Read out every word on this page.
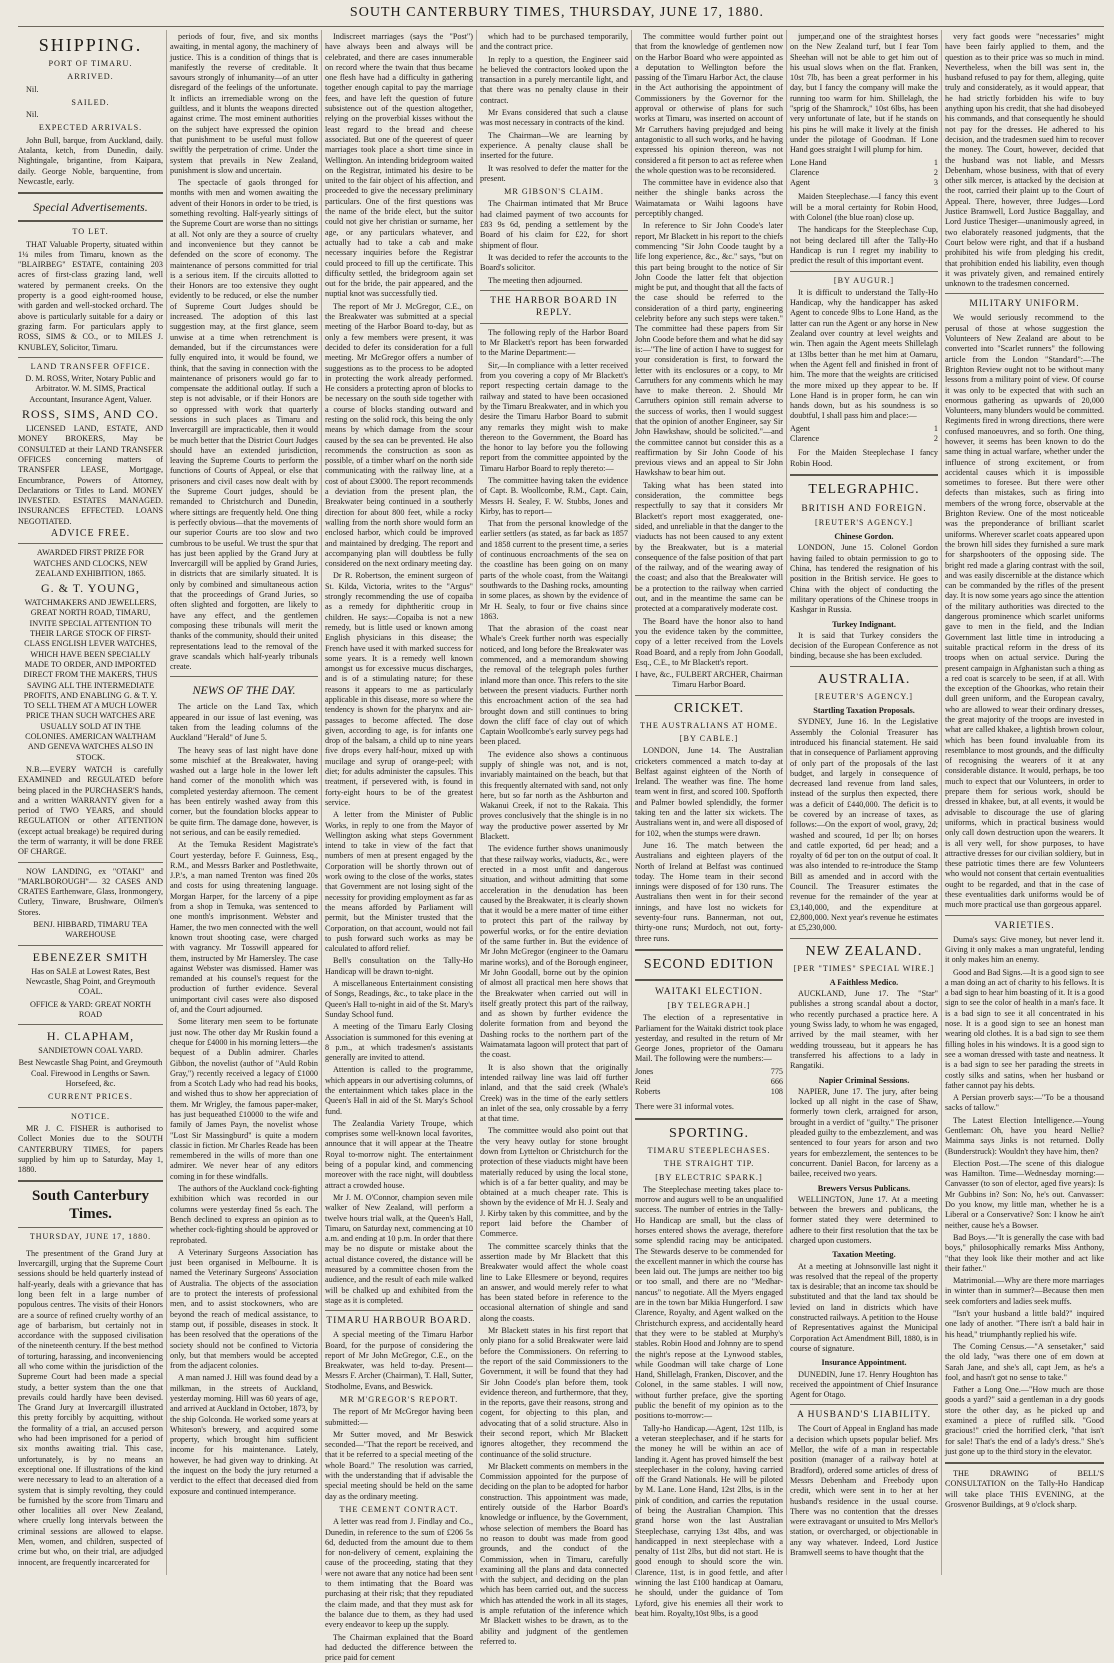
SOUTH CANTERBURY TIMES, THURSDAY, JUNE 17, 1880.
SHIPPING.
PORT OF TIMARU.
ARRIVED.

Nil.

SAILED.

Nil.

EXPECTED ARRIVALS.

John Bull, barque, from Auckland, daily. Atalanta, ketch, from Dunedin, daily. Nightingale, brigantine, from Kaipara, daily. George Noble, barquentine, from Newcastle, early.

Special Advertisements.
TO LET.

THAT Valuable Property, situated within 1¼ miles from Timaru, known as the "BLAIRBEG" ESTATE, containing 203 acres of first-class grazing land, well watered by permanent creeks. On the property is a good eight-roomed house, with garden and well-stocked orchard. The above is particularly suitable for a dairy or grazing farm. For particulars apply to ROSS, SIMS & CO., or to MILES J. KNUBLEY, Solicitor, Timaru.

LAND TRANSFER OFFICE.

D. M. ROSS, Writer, Notary Public and Arbitrator. W. M. SIMS, Practical Accountant, Insurance Agent, Valuer.

ROSS, SIMS, AND CO.

LICENSED LAND, ESTATE, AND MONEY BROKERS, May be CONSULTED at their LAND TRANSFER OFFICES concerning matters of TRANSFER LEASE, Mortgage, Encumbrance, Powers of Attorney, Declarations or Titles to Land. MONEY INVESTED. ESTATES MANAGED. INSURANCES EFFECTED. LOANS NEGOTIATED.

ADVICE FREE.

AWARDED FIRST PRIZE FOR WATCHES AND CLOCKS, NEW ZEALAND EXHIBITION, 1865.

G. & T. YOUNG,

WATCHMAKERS AND JEWELLERS, GREAT NORTH ROAD, TIMARU, INVITE SPECIAL ATTENTION TO THEIR LARGE STOCK OF FIRST-CLASS ENGLISH LEVER WATCHES, WHICH HAVE BEEN SPECIALLY MADE TO ORDER, AND IMPORTED DIRECT FROM THE MAKERS, THUS SAVING ALL THE INTERMEDIATE PROFITS, AND ENABLING G. & T. Y. TO SELL THEM AT A MUCH LOWER PRICE THAN SUCH WATCHES ARE USUALLY SOLD AT IN THE COLONIES. AMERICAN WALTHAM AND GENEVA WATCHES ALSO IN STOCK.

N.B.—EVERY WATCH is carefully EXAMINED and REGULATED before being placed in the PURCHASER'S hands, and a written WARRANTY given for a period of TWO YEARS, and should REGULATION or other ATTENTION (except actual breakage) be required during the term of warranty, it will be done FREE OF CHARGE.

NOW LANDING, ex "OTAKI" and "MARLBOROUGH"— 32 CASES AND CRATES Earthenware, Glass, Ironmongery, Cutlery, Tinware, Brushware, Oilmen's Stores.

BENJ. HIBBARD, TIMARU TEA WAREHOUSE
EBENEZER SMITH

Has on SALE at Lowest Rates, Best Newcastle, Shag Point, and Greymouth COAL.

OFFICE & YARD: GREAT NORTH ROAD
H. CLAPHAM,
SANDIETOWN COAL YARD.

Best Newcastle Shag Point, and Greymouth Coal. Firewood in Lengths or Sawn. Horsefeed, &c.

CURRENT PRICES.
NOTICE.

MR J. C. FISHER is authorised to Collect Monies due to the SOUTH CANTERBURY TIMES, for papers supplied by him up to Saturday, May 1, 1880.

South Canterbury Times.
THURSDAY, JUNE 17, 1880.

The presentment of the Grand Jury at Invercargill, urging that the Supreme Court sessions should be held quarterly instead of half-yearly, deals with a grievance that has long been felt in a large number of populous centres. The visits of their Honors are a source of refined cruelty worthy of an age of barbarism, but certainly not in accordance with the supposed civilisation of the nineteenth century. If the best method of torturing, harassing, and inconveniencing all who come within the jurisdiction of the Supreme Court had been made a special study, a better system than the one that prevails could hardly have been devised. The Grand Jury at Invercargill illustrated this pretty forcibly by acquitting, without the formality of a trial, an accused person who had been imprisoned for a period of six months awaiting trial. This case, unfortunately, is by no means an exceptional one. If illustrations of the kind were necessary to lead to an alteration of a system that is simply revolting, they could be furnished by the score from Timaru and other localities all over New Zealand, where cruelly long intervals between the criminal sessions are allowed to elapse. Men, women, and children, suspected of crime but who, on their trial, are adjudged innocent, are frequently incarcerated for

periods of four, five, and six months awaiting, in mental agony, the machinery of justice. This is a condition of things that is manifestly the reverse of creditable. It savours strongly of inhumanity—of an utter disregard of the feelings of the unfortunate. It inflicts an irremediable wrong on the guiltless, and it blunts the weapons directed against crime. The most eminent authorities on the subject have expressed the opinion that punishment to be useful must follow swiftly the perpetration of crime. Under the system that prevails in New Zealand, punishment is slow and uncertain.

The spectacle of gaols thronged for months with men and women awaiting the advent of their Honors in order to be tried, is something revolting. Half-yearly sittings of the Supreme Court are worse than no sittings at all. Not only are they a source of cruelty and inconvenience but they cannot be defended on the score of economy. The maintenance of persons committed for trial is a serious item. If the circuits allotted to their Honors are too extensive they ought evidently to be reduced, or else the number of Supreme Court Judges should be increased. The adoption of this last suggestion may, at the first glance, seem unwise at a time when retrenchment is demanded, but if the circumstances were fully enquired into, it would be found, we think, that the saving in connection with the maintenance of prisoners would go far to compensate the additional outlay. If such a step is not advisable, or if their Honors are so oppressed with work that quarterly sessions in such places as Timaru and Invercargill are impracticable, then it would be much better that the District Court Judges should have an extended jurisdiction, leaving the Supreme Courts to perform the functions of Courts of Appeal, or else that prisoners and civil cases now dealt with by the Supreme Court judges, should be remanded to Christchurch and Dunedin, where sittings are frequently held. One thing is perfectly obvious—that the movements of our superior Courts are too slow and two cumbrous to be useful. We trust the spur that has just been applied by the Grand Jury at Invercargill will be applied by Grand Juries, in districts that are similarly situated. It is only by combined and simultaneous action that the proceedings of Grand Juries, so often slighted and forgotten, are likely to have any effect, and the gentlemen composing these tribunals will merit the thanks of the community, should their united representations lead to the removal of the grave scandals which half-yearly tribunals create.

NEWS OF THE DAY.

The article on the Land Tax, which appeared in our issue of last evening, was taken from the leading columns of the Auckland "Herald" of June 5.

The heavy seas of last night have done some mischief at the Breakwater, having washed out a large hole in the lower left hand corner of the monolith which was completed yesterday afternoon. The cement has been entirely washed away from this corner, but the foundation blocks appear to be quite firm. The damage done, however, is not serious, and can be easily remedied.

At the Temuka Resident Magistrate's Court yesterday, before F. Guinness, Esq., R.M., and Messrs Barker and Postlethwaite, J.P.'s, a man named Trenton was fined 20s and costs for using threatening language. Morgan Harper, for the larceny of a pipe from a shop in Temuka, was sentenced to one month's imprisonment. Webster and Hamer, the two men connected with the well known trout shooting case, were charged with vagrancy. Mr Tosswill appeared for them, instructed by Mr Hamersley. The case against Webster was dismissed. Hamer was remanded at his counsel's request for the production of further evidence. Several unimportant civil cases were also disposed of, and the Court adjourned.

Some literary men seem to be fortunate just now. The other day Mr Ruskin found a cheque for £4000 in his morning letters—the bequest of a Dublin admirer. Charles Gibbon, the novelist (author of "Auld Robin Gray,") recently received a legacy of £1000 from a Scotch Lady who had read his books, and wished thus to show her appreciation of them. Mr Wrigley, the famous paper-maker, has just bequeathed £10000 to the wife and family of James Payn, the novelist whose "Lost Sir Massingburd" is quite a modern classic in fiction. Mr Charles Reade has been remembered in the wills of more than one admirer. We never hear of any editors coming in for these windfalls.

The authors of the Auckland cock-fighting exhibition which was recorded in our columns were yesterday fined 5s each. The Bench declined to express an opinion as to whether cock-fighting should be approved or reprobated.

A Veterinary Surgeons Association has just been organised in Melbourne. It is named the Veterinary Surgeons' Association of Australia. The objects of the association are to protect the interests of professional men, and to assist stockowners, who are beyond the reach of medical assistance, to stamp out, if possible, diseases in stock. It has been resolved that the operations of the society should not be confined to Victoria only, but that members would be accepted from the adjacent colonies.

A man named J. Hill was found dead by a milkman, in the streets of Auckland, yesterday morning. Hill was 60 years of age, and arrived at Auckland in October, 1873, by the ship Golconda. He worked some years at Whiteson's brewery, and acquired some property, which brought him sufficient income for his maintenance. Lately, however, he had given way to drinking. At the inquest on the body the jury returned a verdict to the effect that deceased died from exposure and continued intemperance.

Indiscreet marriages (says the "Post") have always been and always will be celebrated, and there are cases innumerable on record where the twain that thus became one flesh have had a difficulty in gathering together enough capital to pay the marriage fees, and have left the question of future subsistence out of the question altogether, relying on the proverbial kisses without the least regard to the bread and cheese associated. But one of the queerest of queer marriages took place a short time since in Wellington. An intending bridegroom waited on the Registrar, intimated his desire to be united to the fair object of his affection, and proceeded to give the necessary preliminary particulars. One of the first questions was the name of the bride elect, but the suitor could not give her christian or surname, her age, or any particulars whatever, and actually had to take a cab and make necessary inquiries before the Registrar could proceed to fill up the certificate. This difficulty settled, the bridegroom again set out for the bride, the pair appeared, and the nuptial knot was successfully tied.

The report of Mr J. McGregor, C.E., on the Breakwater was submitted at a special meeting of the Harbor Board to-day, but as only a few members were present, it was decided to defer its consideration for a full meeting. Mr McGregor offers a number of suggestions as to the process to be adopted in protecting the work already performed. He considers a protecting apron of blocks to be necessary on the south side together with a course of blocks standing outward and resting on the solid rock, this being the only means by which damage from the scour caused by the sea can be prevented. He also recommends the construction as soon as possible, of a timber wharf on the north side communicating with the railway line, at a cost of about £3000. The report recommends a deviation from the present plan, the Breakwater being continued in a southerly direction for about 800 feet, while a rocky walling from the north shore would form an enclosed harbor, which could be improved and maintained by dredging. The report and accompanying plan will doubtless be fully considered on the next ordinary meeting day.

Dr R. Robertson, the eminent surgeon of St. Kilda, Victoria, writes to the "Argus" strongly recommending the use of copaiba as a remedy for diphtheritic croup in children. He says:—Copaiba is not a new remedy, but is little used or known among English physicians in this disease; the French have used it with marked success for some years. It is a remedy well known amongst us for excessive mucus discharges, and is of a stimulating nature; for these reasons it appears to me as particularly applicable in this disease, more so where the tendency is shown for the pharynx and air-passages to become affected. The dose given, according to age, is for infants one drop of the balsam, a child up to nine years five drops every half-hour, mixed up with mucilage and syrup of orange-peel; with diet; for adults administer the capsules. This treatment, if persevered with, is found in forty-eight hours to be of the greatest service.

A letter from the Minister of Public Works, in reply to one from the Mayor of Wellington asking what steps Government intend to take in view of the fact that numbers of men at present engaged by the Corporation will be shortly thrown out of work owing to the close of the works, states that Government are not losing sight of the necessity for providing employment as far as the means afforded by Parliament will permit, but the Minister trusted that the Corporation, on that account, would not fail to push forward such works as may be calculated to afford relief.

Bell's consultation on the Tally-Ho Handicap will be drawn to-night.

A miscellaneous Entertainment consisting of Songs, Readings, &c., to take place in the Queen's Hall to-night in aid of the St. Mary's Sunday School fund.

A meeting of the Timaru Early Closing Association is summoned for this evening at 8 p.m., at which tradesmen's assistants generally are invited to attend.

Attention is called to the programme, which appears in our advertising columns, of the entertainment which takes place in the Queen's Hall in aid of the St. Mary's School fund.

The Zealandia Variety Troupe, which comprises some well-known local favorites, announce that it will appear at the Theatre Royal to-morrow night. The entertainment being of a popular kind, and commencing moreover with the race night, will doubtless attract a crowded house.

Mr J. M. O'Connor, champion seven mile walker of New Zealand, will perform a twelve hours trial walk, at the Queen's Hall, Timaru, on Saturday next, commencing at 10 a.m. and ending at 10 p.m. In order that there may be no dispute or mistake about the actual distance covered, the distance will be measured by a committee chosen from the audience, and the result of each mile walked will be chalked up and exhibited from the stage as it is completed.

TIMARU HARBOUR BOARD.

A special meeting of the Timaru Harbor Board, for the purpose of considering the report of Mr John McGregor, C.E., on the Breakwater, was held to-day. Present—Messrs F. Archer (Chairman), T. Hall, Sutter, Stodholme, Evans, and Beswick.

MR M'GREGOR'S REPORT.

The report of Mr McGregor having been submitted:—

Mr Sutter moved, and Mr Beswick seconded—"That the report be received, and that it be referred to a special meeting of the whole Board." The resolution was carried, with the understanding that if advisable the special meeting should be held on the same day as the ordinary meeting.

THE CEMENT CONTRACT.

A letter was read from J. Findlay and Co., Dunedin, in reference to the sum of £206 5s 6d, deducted from the amount due to them for non-delivery of cement, explaining the cause of the proceeding, stating that they were not aware that any notice had been sent to them intimating that the Board was purchasing at their risk; that they repudiated the claim made, and that they must ask for the balance due to them, as they had used every endeavor to keep up the supply.

The Chairman explained that the Board had deducted the difference between the price paid for cement

which had to be purchased temporarily, and the contract price.

In reply to a question, the Engineer said he believed the contractors looked upon the transaction in a purely mercantile light, and that there was no penalty clause in their contract.

Mr Evans considered that such a clause was most necessary in contracts of the kind.

The Chairman—We are learning by experience. A penalty clause shall be inserted for the future.

It was resolved to defer the matter for the present.

MR GIBSON'S CLAIM.

The Chairman intimated that Mr Bruce had claimed payment of two accounts for £83 9s 6d, pending a settlement by the Board of his claim for £22, for short shipment of flour.

It was decided to refer the accounts to the Board's solicitor.

The meeting then adjourned.

THE HARBOR BOARD IN REPLY.

The following reply of the Harbor Board to Mr Blackett's report has been forwarded to the Marine Department:—

Sir,—In compliance with a letter received from you covering a copy of Mr Blackett's report respecting certain damage to the railway and stated to have been occasioned by the Timaru Breakwater, and in which you desire the Timaru Harbor Board to submit any remarks they might wish to make thereon to the Government, the Board has the honor to lay before you the following report from the committee appointed by the Timaru Harbor Board to reply thereto:—

The committee having taken the evidence of Capt. B. Woollcombe, R.M., Capt. Cain, Messrs H. Sealey, F. W. Stubbs, Jones and Kirby, has to report—

That from the personal knowledge of the earlier settlers (as stated, as far back as 1857 and 1858 current to the present time, a series of continuous encroachments of the sea on the coastline has been going on on many parts of the whole coast, from the Waitangi southwards to the Dashing rocks, amounting in some places, as shown by the evidence of Mr H. Sealy, to four or five chains since 1863.

That the abrasion of the coast near Whale's Creek further north was especially noticed, and long before the Breakwater was commenced, and a memorandum showing the removal of the telegraph poles further inland more than once. This refers to the site between the present viaducts. Further north this encroachment action of the sea had brought down and still continues to bring down the cliff face of clay out of which Captain Woollcombe's early survey pegs had been placed.

The evidence also shows a continuous supply of shingle was not, and is not, invariably maintained on the beach, but that this frequently alternated with sand, not only here, but so far north as the Ashburton and Wakanui Creek, if not to the Rakaia. This proves conclusively that the shingle is in no way the productive power asserted by Mr Blackett.

The evidence further shows unanimously that these railway works, viaducts, &c., were erected in a most unfit and dangerous situation, and without admitting that some acceleration in the denudation has been caused by the Breakwater, it is clearly shown that it would be a mere matter of time either to protect this part of the railway by powerful works, or for the entire deviation of the same further in. But the evidence of Mr John McGregor (engineer to the Oamaru marine works), and of the Borough engineer, Mr John Goodall, borne out by the opinion of almost all practical men here shows that the Breakwater when carried out will in itself greatly protect this part of the railway, and as shown by further evidence the dolerite formation from and beyond the Dashing rocks to the northern part of the Waimatamata lagoon will protect that part of the coast.

It is also shown that the originally intended railway line was laid off further inland, and that the said creek (Whale's Creek) was in the time of the early settlers an inlet of the sea, only crossable by a ferry at that time.

The committee would also point out that the very heavy outlay for stone brought down from Lyttelton or Christchurch for the protection of these viaducts might have been materially reduced by using the local stone, which is of a far better quality, and may be obtained at a much cheaper rate. This is shown by the evidence of Mr H. J. Sealy and J. Kirby taken by this committee, and by the report laid before the Chamber of Commerce.

The committee scarcely thinks that the assertion made by Mr Blackett that this Breakwater would affect the whole coast line to Lake Ellesmere or beyond, requires an answer, and would merely refer to what has been stated before in reference to the occasional alternation of shingle and sand along the coasts.

Mr Blackett states in his first report that only piano for a solid Breakwater were laid before the Commissioners. On referring to the report of the said Commissioners to the Government, it will be found that they had Sir John Coode's plan before them, took evidence thereon, and furthermore, that they, in the reports, gave their reasons, strong and cogent, for objecting to this plan, and advocating that of a solid structure. Also in their second report, which Mr Blackett ignores altogether, they recommend the continuance of the solid structure.

Mr Blackett comments on members in the Commission appointed for the purpose of deciding on the plan to be adopted for harbor construction. This appointment was made, entirely outside of the Harbor Board's knowledge or influence, by the Government, whose selection of members the Board has no reason to doubt was made from good grounds, and the conduct of the Commission, when in Timaru, carefully examining all the plans and data connected with the subject, and deciding on the plan which has been carried out, and the success which has attended the work in all its stages, is ample refutation of the inference which Mr Blackett wishes to be drawn, as to the ability and judgment of the gentlemen referred to.

The committee would further point out that from the knowledge of gentlemen now on the Harbor Board who were appointed as a deputation to Wellington before the passing of the Timaru Harbor Act, the clause in the Act authorising the appointment of Commissioners by the Governor for the approval or otherwise of plans for such works at Timaru, was inserted on account of Mr Carruthers having prejudged and being antagonistic to all such works, and he having expressed his opinion thereon, was not considered a fit person to act as referee when the whole question was to be reconsidered.

The committee have in evidence also that neither the shingle banks across the Waimatamata or Waihi lagoons have perceptibly changed.

In reference to Sir John Coode's later report, Mr Blackett in his report to the chiefs commencing "Sir John Coode taught by a life long experience, &c., &c." says, "but on this part being brought to the notice of Sir John Coode the latter felt that objection might be put, and thought that all the facts of the case should be referred to the consideration of a third party, engineering celebrity before any such steps were taken." The committee had these papers from Sir John Coode before them and what he did say is:—"The line of action I have to suggest for your consideration is first, to forward the letter with its enclosures or a copy, to Mr Carruthers for any comments which he may have to make thereon. 2. Should Mr Carruthers opinion still remain adverse to the success of works, then I would suggest that the opinion of another Engineer, say Sir John Hawkshaw, should be solicited."—and the committee cannot but consider this as a reaffirmation by Sir John Coode of his previous views and an appeal to Sir John Hawkshaw to bear him out.

Taking what has been stated into consideration, the committee begs respectfully to say that it considers Mr Blackett's report most exaggerated, one-sided, and unreliable in that the danger to the viaducts has not been caused to any extent by the Breakwater, but is a material consequence of the false position of that part of the railway, and of the wearing away of the coast; and also that the Breakwater will be a protection to the railway when carried out, and in the meantime the same can be protected at a comparatively moderate cost.

The Board have the honor also to hand you the evidence taken by the committee, copy of a letter received from the Lovels Road Board, and a reply from John Goodall, Esq., C.E., to Mr Blackett's report.

I have, &c., FULBERT ARCHER, Chairman Timaru Harbor Board.

CRICKET.
THE AUSTRALIANS AT HOME.
[BY CABLE.]

LONDON, June 14. The Australian cricketers commenced a match to-day at Belfast against eighteen of the North of Ireland. The weather was fine. The home team went in first, and scored 100. Spofforth and Palmer bowled splendidly, the former taking ten and the latter six wickets. The Australians went in, and were all disposed of for 102, when the stumps were drawn.

June 16. The match between the Australians and eighteen players of the North of Ireland at Belfast was continued today. The Home team in their second innings were disposed of for 130 runs. The Australians then went in for their second innings, and have lost no wickets for seventy-four runs. Bannerman, not out, thirty-one runs; Murdoch, not out, forty-three runs.

SECOND EDITION
WAITAKI ELECTION.
[BY TELEGRAPH.]

The election of a representative in Parliament for the Waitaki district took place yesterday, and resulted in the return of Mr George Jones, proprietor of the Oamaru Mail. The following were the numbers:—

Jones	775
Reid	666
Roberts	108

There were 31 informal votes.

SPORTING.
TIMARU STEEPLECHASES.
THE STRAIGHT TIP.
[BY ELECTRIC SPARK.]

The Steeplechase meeting takes place to-morrow and augurs well to be an unqualified success. The number of entries in the Tally-Ho Handicap are small, but the class of horses entered shows the average, therefore some splendid racing may be anticipated. The Stewards deserve to be commended for the excellent manner in which the course has been laid out. The jumps are neither too big or too small, and there are no "Medhar-nancus" to negotiate. All the Myers engaged are in the town bar Mikia Hungerford. I saw Clarence, Royalty, and Agent walked on the Christchurch express, and accidentally heard that they were to be stabled at Murphy's stables. Robin Hood and Johnny are to spend the night's repose at the Lynwood stables, while Goodman will take charge of Lone Hand, Shillelagh, Franken, Discover, and the Colonel, in the same stables. I will now, without further preface, give the sporting public the benefit of my opinion as to the positions to-morrow:—

Tally-ho Handicap.—Agent, 12st 11lb, is a veteran steeplechaser, and if he starts for the money he will be within an ace of landing it. Agent has proved himself the best steeplechaser in the colony, having carried off the Grand Nationals. He will be piloted by M. Lane. Lone Hand, 12st 2lbs, is in the pink of condition, and carries the reputation of being the Australian Champion. This grand horse won the last Australian Steeplechase, carrying 13st 4lbs, and was handicapped in next steeplechase with a penalty of 11st 2lbs, but did not start. He is good enough to should score the win. Clarence, 11st, is in good fettle, and after winning the last £100 handicap at Oamaru, he should, under the guidance of Tom Lyford, give his enemies all their work to beat him. Royalty,10st 9lbs, is a good

jumper,and one of the straightest horses on the New Zealand turf, but I fear Tom Sheehan will not be able to get him out of his usual slows when on the flat. Franken, 10st 7lb, has been a great performer in his day, but I fancy the company will make the running too warm for him. Shillelagh, the "sprig of the Shamrock," 10st 6lbs, has been very unfortunate of late, but if he stands on his pins he will make it lively at the finish under the pilotage of Goodman. If Lone Hand goes straight I will plump for him.

Lone Hand	1
Clarence	2
Agent	3

Maiden Steeplechase.—I fancy this event will be a moral certainty for Robin Hood, with Colonel (the blue roan) close up.

The handicaps for the Steeplechase Cup, not being declared till after the Tally-Ho Handicap is run I regret my inability to predict the result of this important event.

[BY AUGUR.]

It is difficult to understand the Tally-Ho Handicap, why the handicapper has asked Agent to concede 9lbs to Lone Hand, as the latter can run the Agent or any horse in New Zealand over country at level weights and win. Then again the Agent meets Shillelagh at 13lbs better than he met him at Oamaru, when the Agent fell and finished in front of him. The more that the weights are criticised the more mixed up they appear to be. If Lone Hand is in proper form, he can win hands down, but as his soundness is so doubtful, I shall pass him and place:—

Agent	1
Clarence	2

For the Maiden Steeplechase I fancy Robin Hood.

TELEGRAPHIC.
BRITISH AND FOREIGN.
[REUTER'S AGENCY.]
Chinese Gordon.

LONDON, June 15. Colonel Gordon having failed to obtain permission to go to China, has tendered the resignation of his position in the British service. He goes to China with the object of conducting the military operations of the Chinese troops in Kashgar in Russia.

Turkey Indignant.

It is said that Turkey considers the decision of the European Conference as not binding, because she has been excluded.

AUSTRALIA.
[REUTER'S AGENCY.]
Startling Taxation Proposals.

SYDNEY, June 16. In the Legislative Assembly the Colonial Treasurer has introduced his financial statement. He said that in consequence of Parliament approving of only part of the proposals of the last budget, and largely in consequence of decreased land revenue from land sales, instead of the surplus then expected, there was a deficit of £440,000. The deficit is to be covered by an increase of taxes, as follows:—On the export of wool, gravy, 2d; washed and scoured, 1d per lb; on horses and cattle exported, 6d per head; and a royalty of 6d per ton on the output of coal. It was also intended to re-introduce the Stamp Bill as amended and in accord with the Council. The Treasurer estimates the revenue for the remainder of the year at £3,140,000, and the expenditure at £2,800,000. Next year's revenue he estimates at £5,230,000.

NEW ZEALAND.
[PER "TIMES" SPECIAL WIRE.]
A Faithless Medico.

AUCKLAND, June 17. The "Star" publishes a strong scandal about a doctor, who recently purchased a practice here. A young Swiss lady, to whom he was engaged, arrived by the mail steamer, with her wedding trousseau, but it appears he has transferred his affections to a lady in Rangatiki.

Napier Criminal Sessions.

NAPIER, June 17. The jury, after being locked up all night in the case of Shaw, formerly town clerk, arraigned for arson, brought in a verdict of "guilty." The prisoner pleaded guilty to the embezzlement, and was sentenced to four years for arson and two years for embezzlement, the sentences to be concurrent. Daniel Bacon, for larceny as a bailee, received two years.

Brewers Versus Publicans.

WELLINGTON, June 17. At a meeting between the brewers and publicans, the former stated they were determined to adhere to their first resolution that the tax be charged upon customers.

Taxation Meeting.

At a meeting at Johnsonville last night it was resolved that the repeal of the property tax is desirable; that an income tax should be substituted and that the land tax should be levied on land in districts which have constructed railways. A petition to the House of Representatives against the Municipal Corporation Act Amendment Bill, 1880, is in course of signature.

Insurance Appointment.

DUNEDIN, June 17. Henry Houghton has received the appointment of Chief Insurance Agent for Otago.

A HUSBAND'S LIABILITY.

The Court of Appeal in England has made a decision which upsets popular belief. Mrs Mellor, the wife of a man in respectable position (manager of a railway hotel at Bradford), ordered some articles of dress of Messrs Debenham and Freebody upon credit, which were sent in to her at her husband's residence in the usual course. There was no contention that the dresses were extravagant or unsuited to Mrs Mellor's station, or overcharged, or objectionable in any way whatever. Indeed, Lord Justice Bramwell seems to have thought that the

very fact goods were "necessaries" might have been fairly applied to them, and the question as to their price was so much in mind. Nevertheless, when the bill was sent in, the husband refused to pay for them, alleging, quite truly and considerately, as it would appear, that he had strictly forbidden his wife to buy anything upon his credit, that she had disobeyed his commands, and that consequently he should not pay for the dresses. He adhered to his decision, and the tradesmen sued him to recover the money. The Court, however, decided that the husband was not liable, and Messrs Debenham, whose business, with that of every other silk mercer, is attacked by the decision at the root, carried their plaint up to the Court of Appeal. There, however, three Judges—Lord Justice Bramwell, Lord Justice Baggallay, and Lord Justice Thesiger—unanimously agreed, in two elaborately reasoned judgments, that the Court below were right, and that if a husband prohibited his wife from pledging his credit, that prohibition ended his liability, even though it was privately given, and remained entirely unknown to the tradesmen concerned.

MILITARY UNIFORM.

We would seriously recommend to the perusal of those at whose suggestion the Volunteers of New Zealand are about to be converted into "Scarlet runners" the following article from the London "Standard":—The Brighton Review ought not to be without many lessons from a military point of view. Of course it was only to be expected that with such an enormous gathering as upwards of 20,000 Volunteers, many blunders would be committed. Regiments fired in wrong directions, there were confused manoeuvres, and so forth. One thing, however, it seems has been known to do the same thing in actual warfare, whether under the influence of strong excitement, or from accidental causes which it is impossible sometimes to foresee. But there were other defects than mistakes, such as firing into members of the wrong force, observable at the Brighton Review. One of the most noticeable was the preponderance of brilliant scarlet uniforms. Wherever scarlet coats appeared upon the brown hill sides they furnished a sure mark for sharpshooters of the opposing side. The bright red made a glaring contrast with the soil, and was easily discernible at the distance which can be commanded by the rifles of the present day. It is now some years ago since the attention of the military authorities was directed to the dangerous prominence which scarlet uniforms gave to men in the field, and the Indian Government last little time in introducing a suitable practical reform in the dress of its troops when on actual service. During the present campaign in Afghanistan such a thing as a red coat is scarcely to be seen, if at all. With the exception of the Ghoorkas, who retain their dull green uniform, and the European cavalry, who are allowed to wear their ordinary dresses, the great majority of the troops are invested in what are called khakee, a lightish brown colour, which has been found invaluable from its resemblance to most grounds, and the difficulty of recognising the wearers of it at any considerable distance. It would, perhaps, be too much to expect that our Volunteers, in order to prepare them for serious work, should be dressed in khakee, but, at all events, it would be advisable to discourage the use of glaring uniforms, which in practical business would only call down destruction upon the wearers. It is all very well, for show purposes, to have attractive dresses for our civilian soldiery, but in these patriotic times there are few Volunteers who would not consent that certain eventualities ought to be regarded, and that in the case of these eventualities dark uniforms would be of much more practical use than gorgeous apparel.

VARIETIES.

Duma's says: Give money, but never lend it. Giving it only makes a man ungrateful, lending it only makes him an enemy.

Good and Bad Signs.—It is a good sign to see a man doing an act of charity to his fellows. It is a bad sign to hear him boasting of it. It is a good sign to see the color of health in a man's face. It is a bad sign to see it all concentrated in his nose. It is a good sign to see an honest man wearing old clothes. It is a bad sign to see them filling holes in his windows. It is a good sign to see a woman dressed with taste and neatness. It is a bad sign to see her parading the streets in costly silks and satins, when her husband or father cannot pay his debts.

A Persian proverb says:—"To be a thousand sacks of tallow."

The Latest Election Intelligence.—Young Gentleman: Oh, have you heard Nellie? Maimma says Jinks is not returned. Dolly (Bunderstruck): Wouldn't they have him, then?

Election Post.—The scene of this dialogue was Hamilton. Time—Wednesday morning:—Canvasser (to son of elector, aged five years): Is Mr Gubbins in? Son: No, he's out. Canvasser: Do you know, my little man, whether he is a Liberal or a Conservative? Son: I know he ain't neither, cause he's a Bowser.

Bad Boys.—"It is generally the case with bad boys," philosophically remarks Miss Anthony, "that they look like their mother and act like their father."

Matrimonial.—Why are there more marriages in winter than in summer?—Because then men seek comforters and ladies seek muffs.

"Isn't your husband a little bald?" inquired one lady of another. "There isn't a bald hair in his head," triumphantly replied his wife.

The Coming Census.—"A sensetaker," said the old lady, "was there one of em down at Sarah Jane, and she's all, capt Jem, as he's a fool, and hasn't got no sense to take."

Father a Long One.—"How much are those goods a yard?" said a gentleman in a dry goods store the other day, as he picked up and examined a piece of ruffled silk. "Good gracious!" cried the horrified clerk, "that isn't for sale! That's the end of a lady's dress." She's just gone up to the third story in the elevator.

THE DRAWING of BELL'S CONSULTATION on the Tally-Ho Handicap will take place THIS EVENING, at the Grosvenor Buildings, at 9 o'clock sharp.
